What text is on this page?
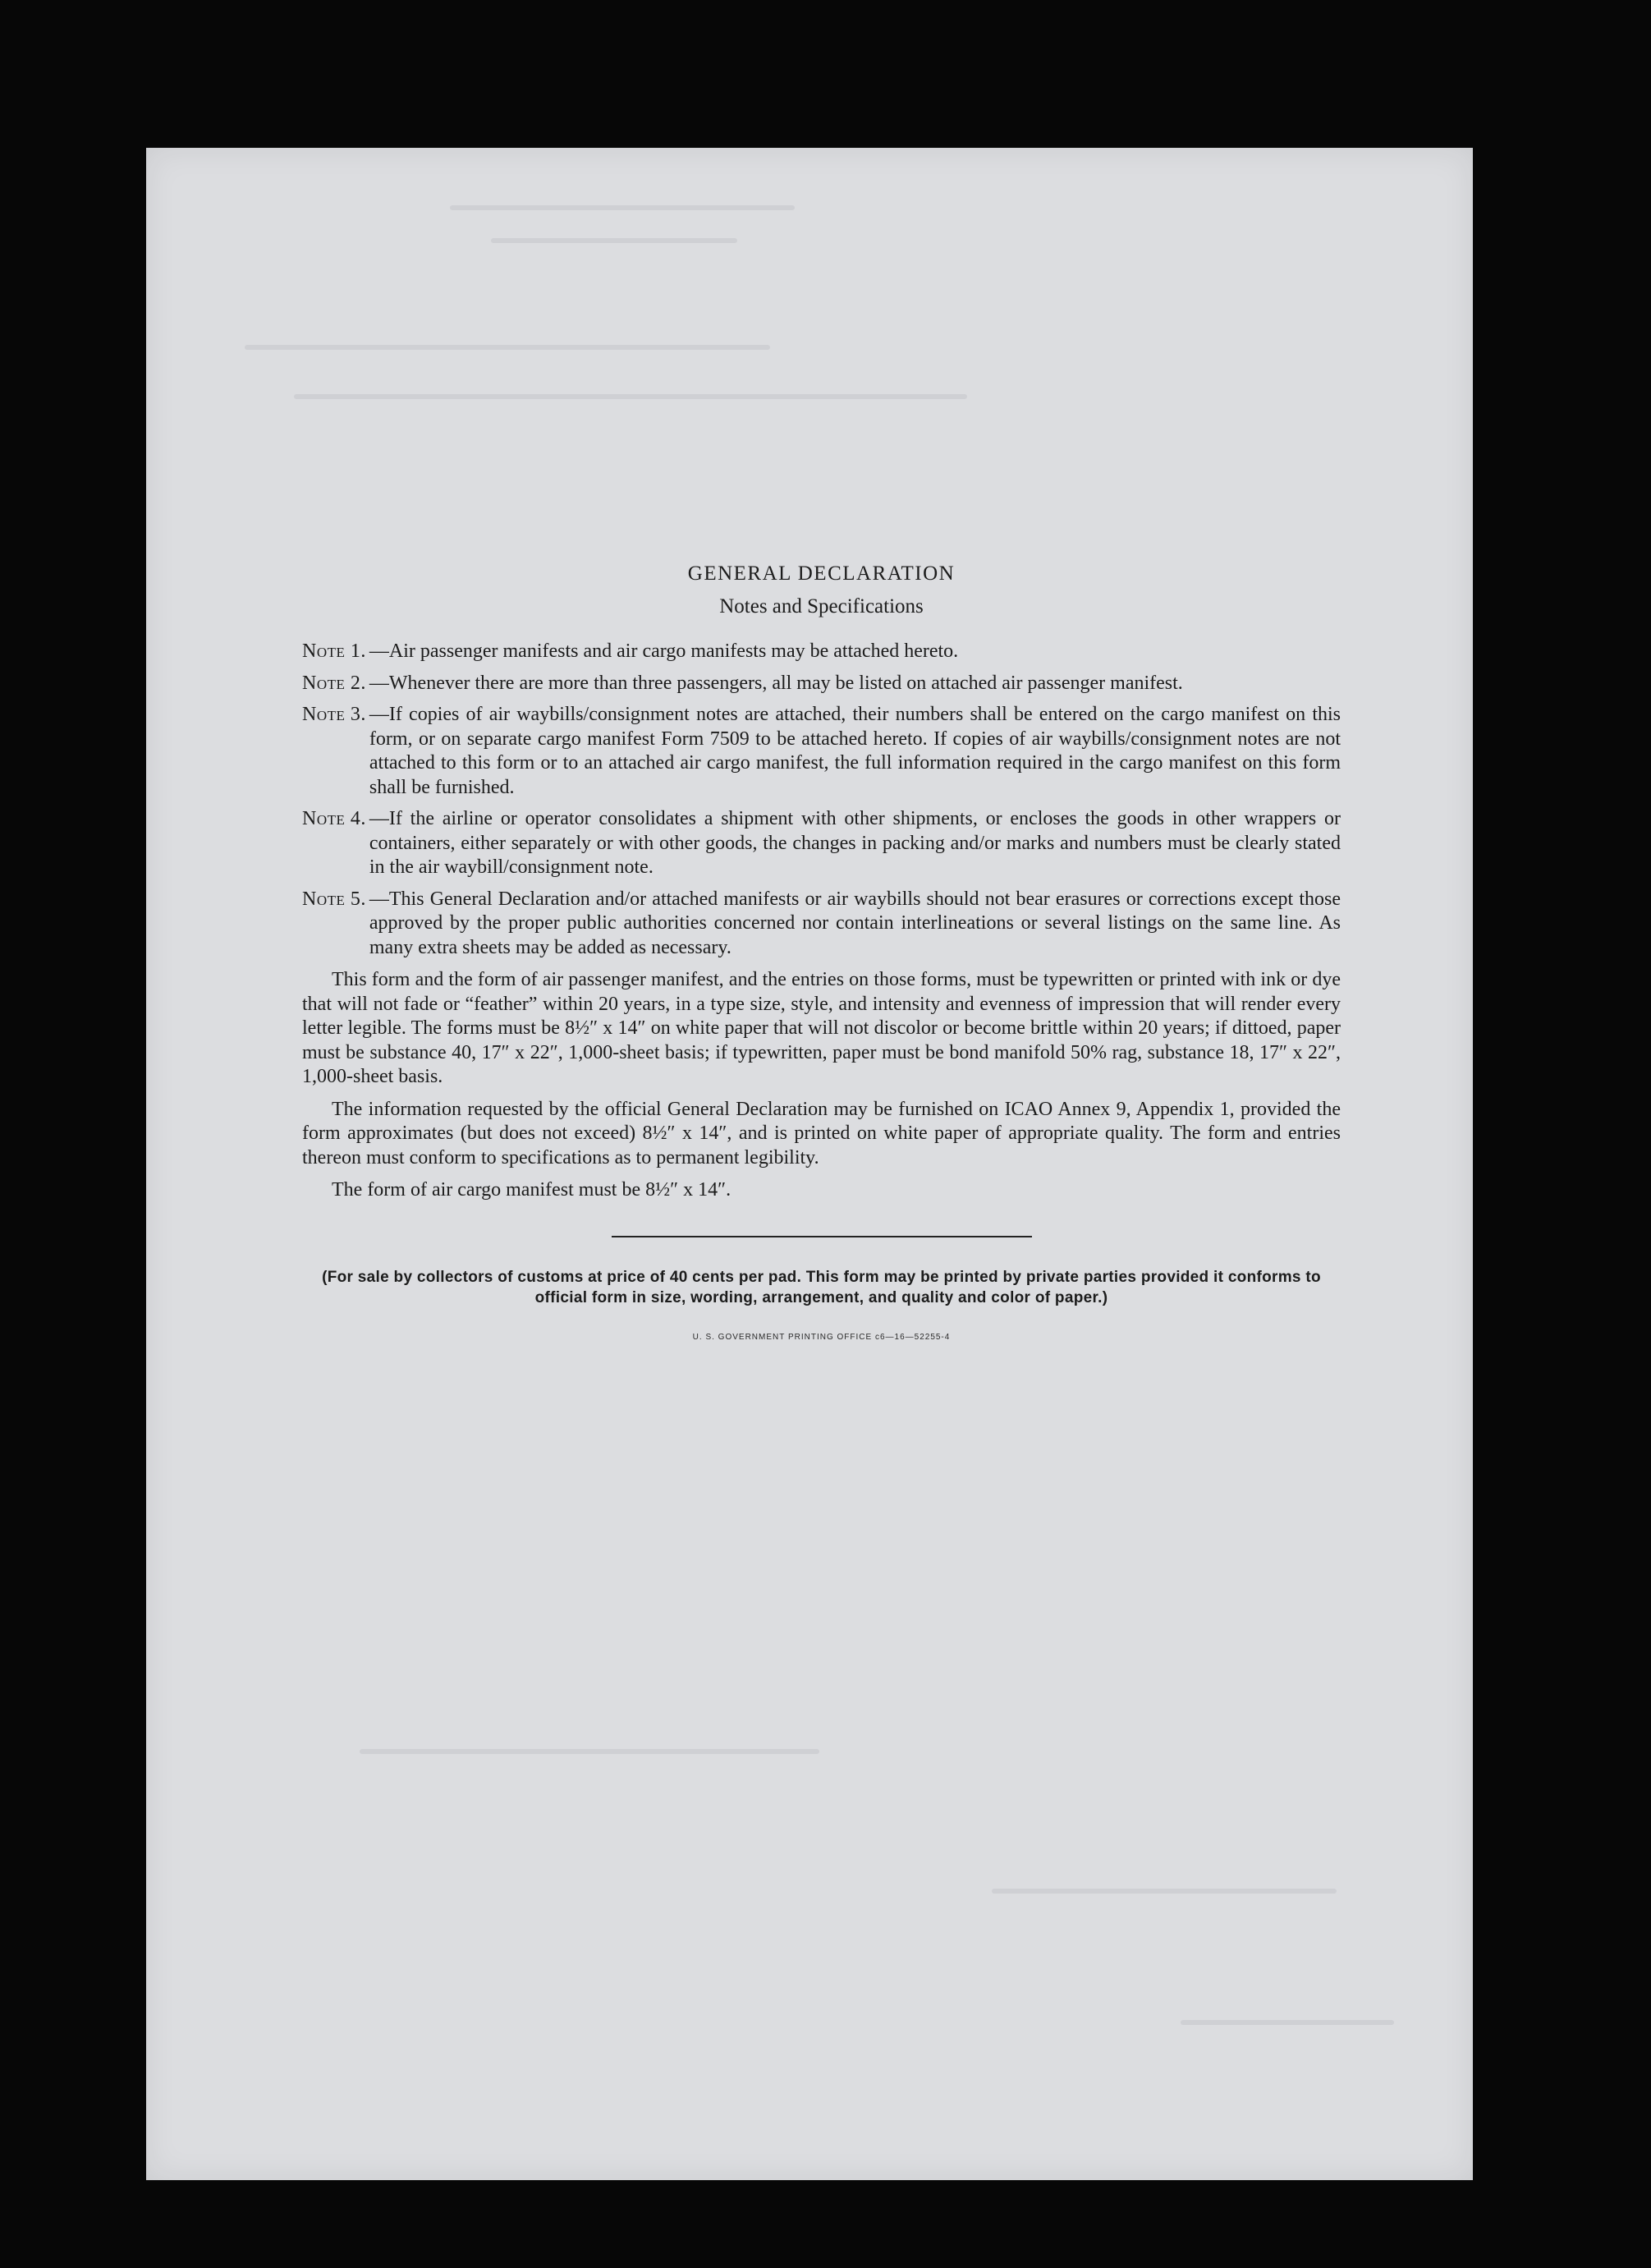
GENERAL DECLARATION
Notes and Specifications
Note 1. —Air passenger manifests and air cargo manifests may be attached hereto.
Note 2. —Whenever there are more than three passengers, all may be listed on attached air passenger manifest.
Note 3. —If copies of air waybills/consignment notes are attached, their numbers shall be entered on the cargo manifest on this form, or on separate cargo manifest Form 7509 to be attached hereto. If copies of air waybills/consignment notes are not attached to this form or to an attached air cargo manifest, the full information required in the cargo manifest on this form shall be furnished.
Note 4. —If the airline or operator consolidates a shipment with other shipments, or encloses the goods in other wrappers or containers, either separately or with other goods, the changes in packing and/or marks and numbers must be clearly stated in the air waybill/consignment note.
Note 5. —This General Declaration and/or attached manifests or air waybills should not bear erasures or corrections except those approved by the proper public authorities concerned nor contain interlineations or several listings on the same line. As many extra sheets may be added as necessary.

This form and the form of air passenger manifest, and the entries on those forms, must be typewritten or printed with ink or dye that will not fade or “feather” within 20 years, in a type size, style, and intensity and evenness of impression that will render every letter legible. The forms must be 8½″ x 14″ on white paper that will not discolor or become brittle within 20 years; if dittoed, paper must be substance 40, 17″ x 22″, 1,000-sheet basis; if typewritten, paper must be bond manifold 50% rag, substance 18, 17″ x 22″, 1,000-sheet basis.

The information requested by the official General Declaration may be furnished on ICAO Annex 9, Appendix 1, provided the form approximates (but does not exceed) 8½″ x 14″, and is printed on white paper of appropriate quality. The form and entries thereon must conform to specifications as to permanent legibility.

The form of air cargo manifest must be 8½″ x 14″.

(For sale by collectors of customs at price of 40 cents per pad. This form may be printed by private parties provided it conforms to official form in size, wording, arrangement, and quality and color of paper.)
U. S. GOVERNMENT PRINTING OFFICE c6—16—52255-4
